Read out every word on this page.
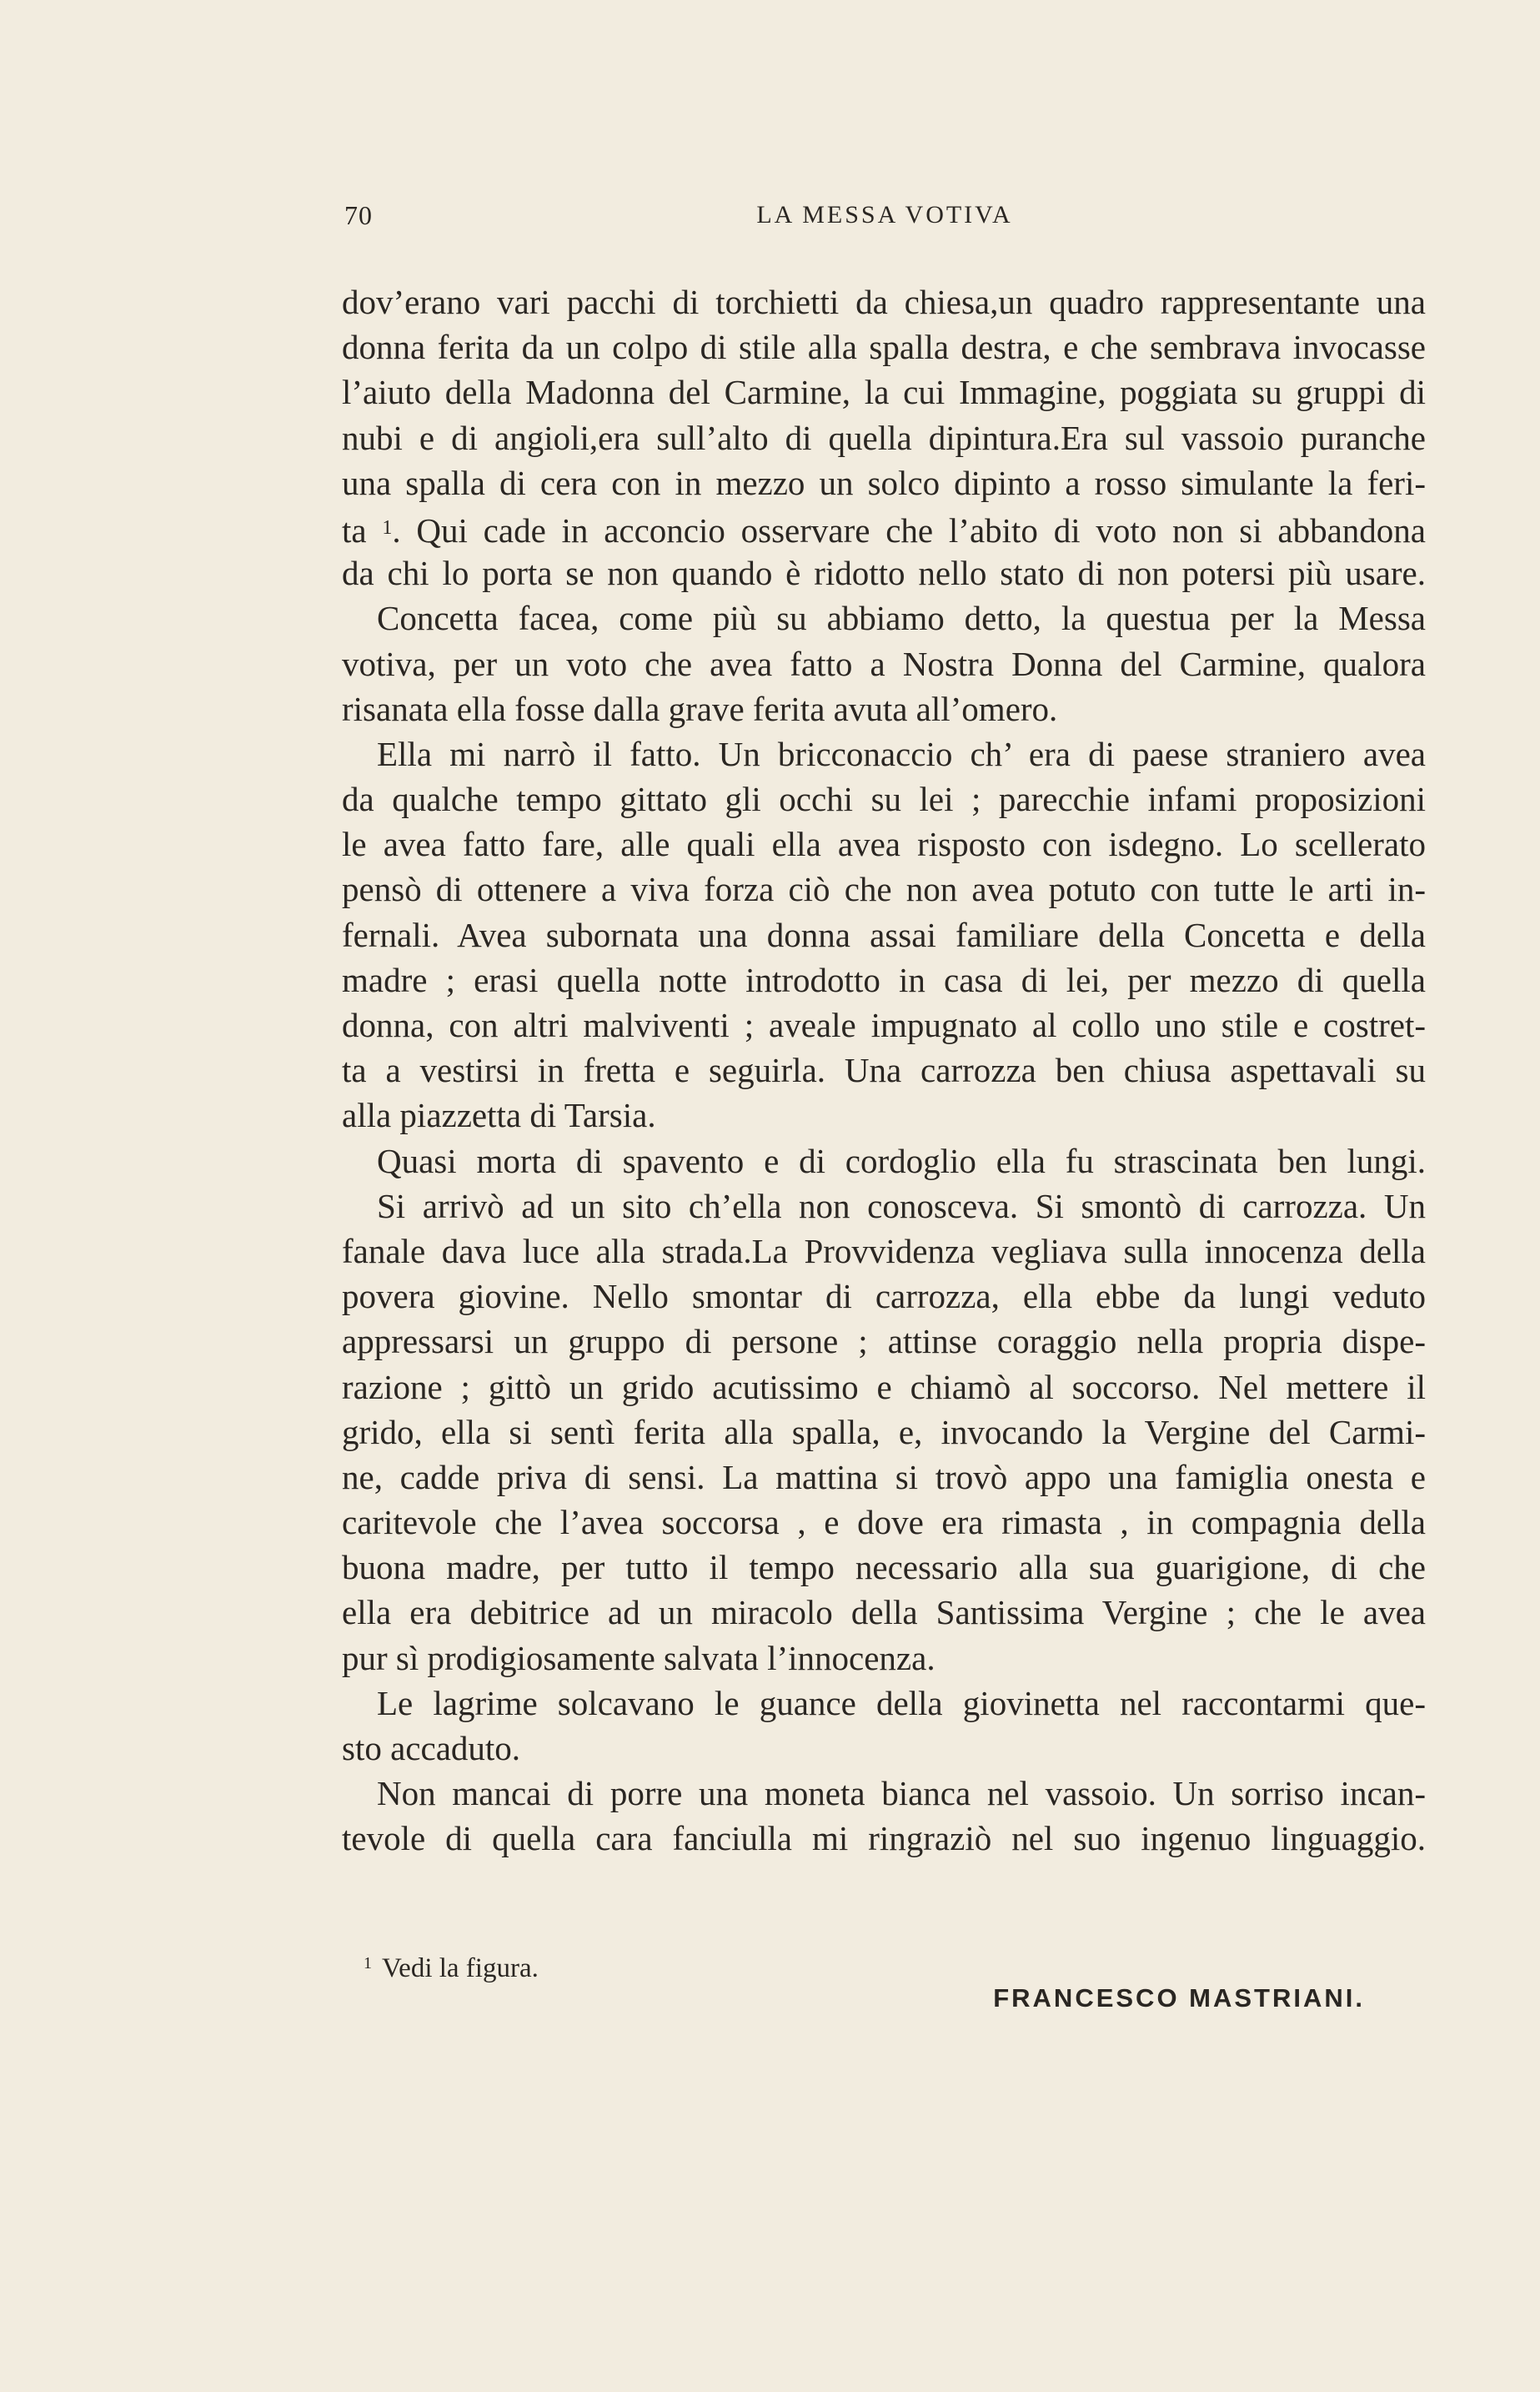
70	LA MESSA VOTIVA
dov’erano vari pacchi di torchietti da chiesa,un quadro rappresentante una
donna ferita da un colpo di stile alla spalla destra, e che sembrava invocasse
l’aiuto della Madonna del Carmine, la cui Immagine, poggiata su gruppi di
nubi e di angioli,era sull’alto di quella dipintura.Era sul vassoio puranche
una spalla di cera con in mezzo un solco dipinto a rosso simulante la feri-
ta $^1$. Qui cade in acconcio osservare che l’abito di voto non si abbandona
da chi lo porta se non quando è ridotto nello stato di non potersi più usare.
Concetta facea, come più su abbiamo detto, la questua per la Messa
votiva, per un voto che avea fatto a Nostra Donna del Carmine, qualora
risanata ella fosse dalla grave ferita avuta all’omero.
Ella mi narrò il fatto. Un bricconaccio ch’ era di paese straniero avea
da qualche tempo gittato gli occhi su lei ; parecchie infami proposizioni
le avea fatto fare, alle quali ella avea risposto con isdegno. Lo scellerato
pensò di ottenere a viva forza ciò che non avea potuto con tutte le arti in-
fernali. Avea subornata una donna assai familiare della Concetta e della
madre ; erasi quella notte introdotto in casa di lei, per mezzo di quella
donna, con altri malviventi ; aveale impugnato al collo uno stile e costret-
ta a vestirsi in fretta e seguirla. Una carrozza ben chiusa aspettavali su
alla piazzetta di Tarsia.
Quasi morta di spavento e di cordoglio ella fu strascinata ben lungi.
Si arrivò ad un sito ch’ella non conosceva. Si smontò di carrozza. Un
fanale dava luce alla strada.La Provvidenza vegliava sulla innocenza della
povera giovine. Nello smontar di carrozza, ella ebbe da lungi veduto
appressarsi un gruppo di persone ; attinse coraggio nella propria dispe-
razione ; gittò un grido acutissimo e chiamò al soccorso. Nel mettere il
grido, ella si sentì ferita alla spalla, e, invocando la Vergine del Carmi-
ne, cadde priva di sensi. La mattina si trovò appo una famiglia onesta e
caritevole che l’avea soccorsa , e dove era rimasta , in compagnia della
buona madre, per tutto il tempo necessario alla sua guarigione, di che
ella era debitrice ad un miracolo della Santissima Vergine ; che le avea
pur sì prodigiosamente salvata l’innocenza.
Le lagrime solcavano le guance della giovinetta nel raccontarmi que-
sto accaduto.
Non mancai di porre una moneta bianca nel vassoio. Un sorriso incan-
tevole di quella cara fanciulla mi ringraziò nel suo ingenuo linguaggio.
$^1$ Vedi la figura.
FRANCESCO MASTRIANI.
